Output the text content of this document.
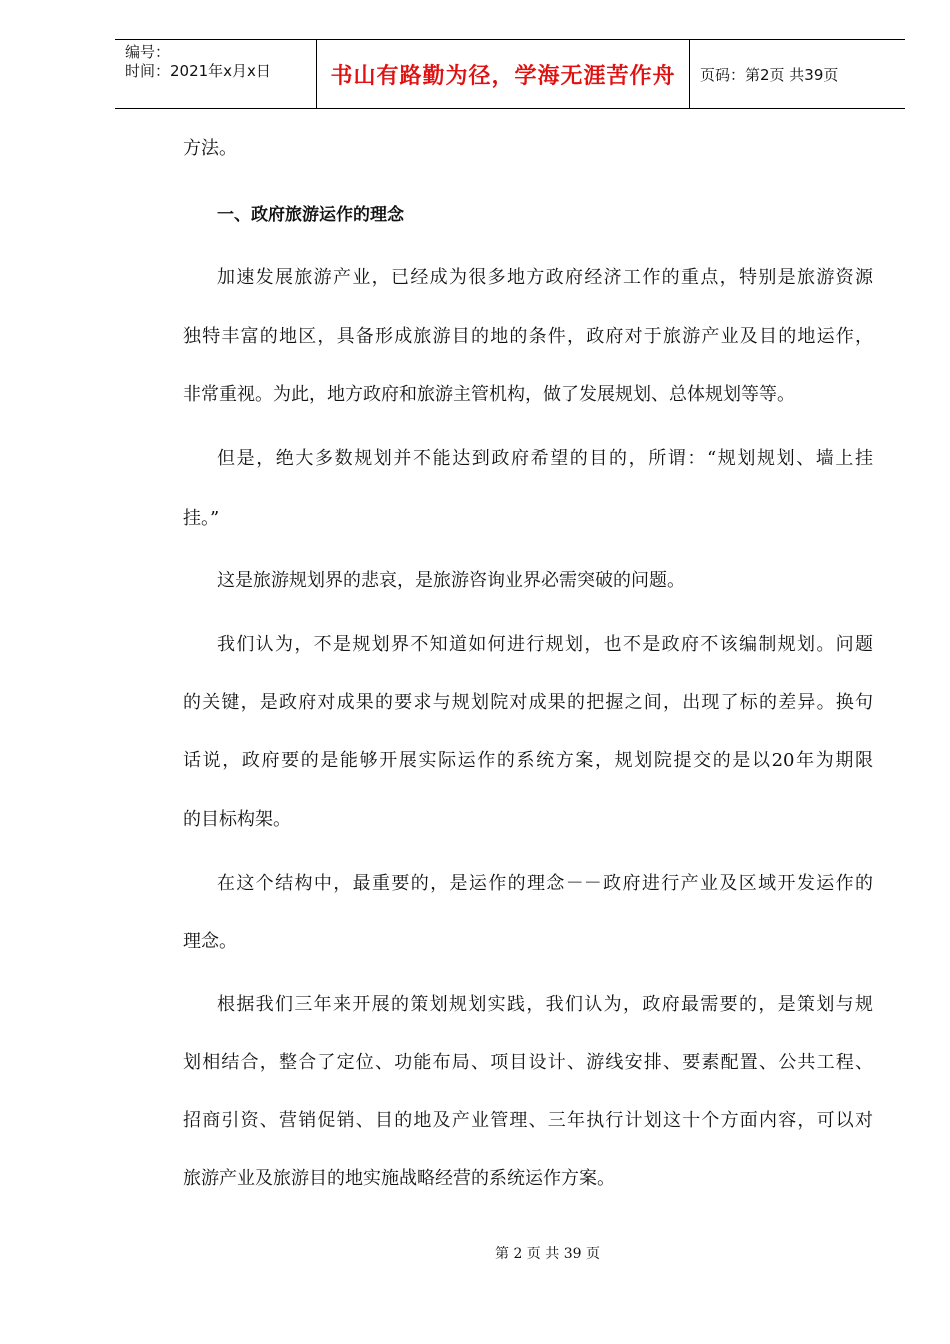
编号：
时间：2021年x月x日	书山有路勤为径，学海无涯苦作舟 页码：第2页 共39页
方法。
一、政府旅游运作的理念
加速发展旅游产业，已经成为很多地方政府经济工作的重点，特别是旅游资源
独特丰富的地区，具备形成旅游目的地的条件，政府对于旅游产业及目的地运作，
非常重视。为此，地方政府和旅游主管机构，做了发展规划、总体规划等等。
但是，绝大多数规划并不能达到政府希望的目的，所谓：“规划规划、墙上挂
挂。”
这是旅游规划界的悲哀，是旅游咨询业界必需突破的问题。
我们认为，不是规划界不知道如何进行规划，也不是政府不该编制规划。问题
的关键，是政府对成果的要求与规划院对成果的把握之间，出现了标的差异。换句
话说，政府要的是能够开展实际运作的系统方案，规划院提交的是以20年为期限
的目标构架。
在这个结构中，最重要的，是运作的理念－－政府进行产业及区域开发运作的
理念。
根据我们三年来开展的策划规划实践，我们认为，政府最需要的，是策划与规
划相结合，整合了定位、功能布局、项目设计、游线安排、要素配置、公共工程、
招商引资、营销促销、目的地及产业管理、三年执行计划这十个方面内容，可以对
旅游产业及旅游目的地实施战略经营的系统运作方案。
第 2 页 共 39 页
